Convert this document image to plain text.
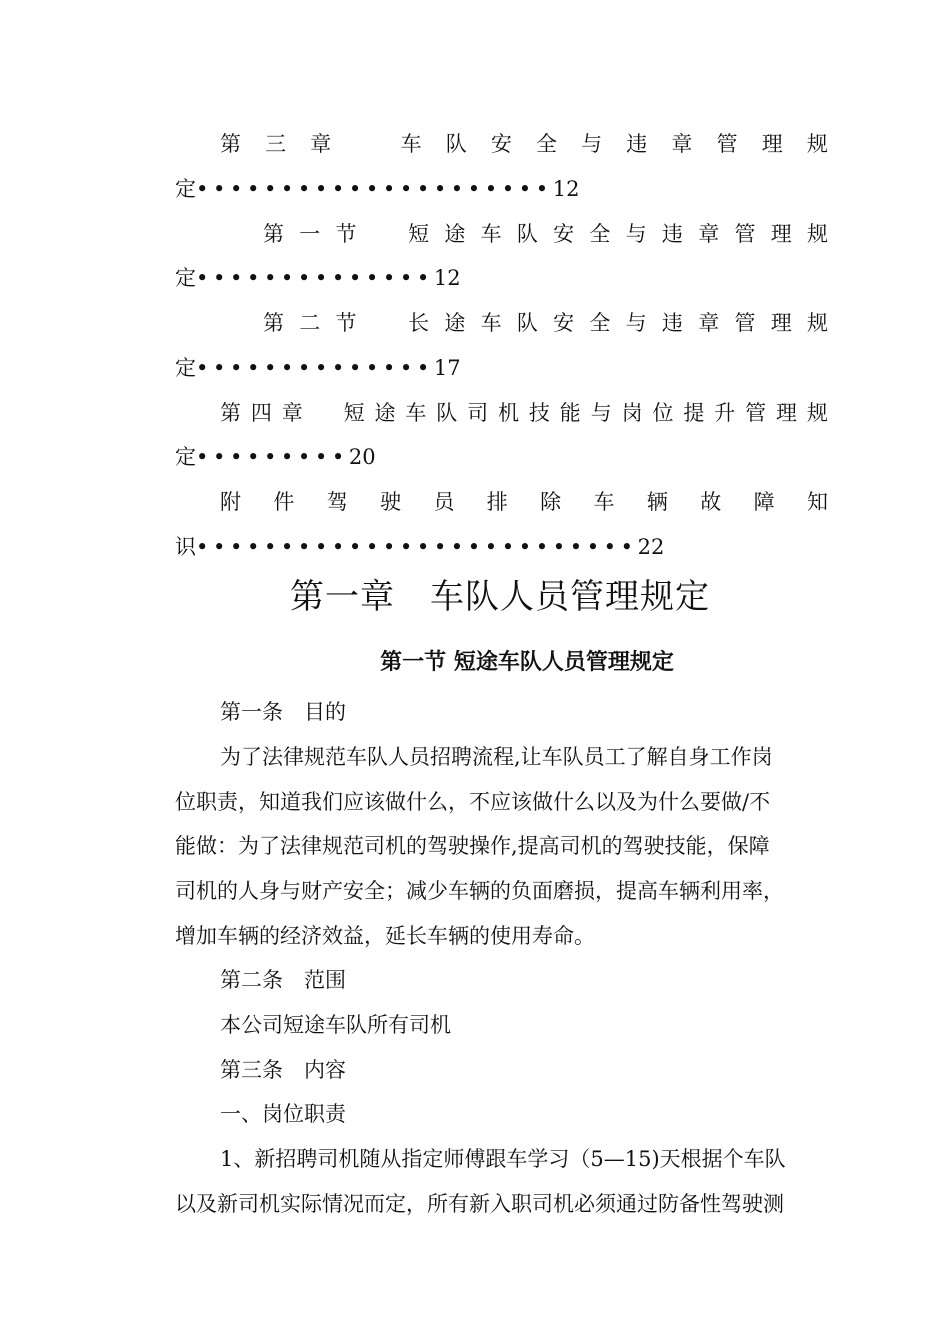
第 三 章
　	车 队 安 全 与 违 章 管 理 规
定•••••••••••••••••••••12
第 一 节
　 短 途 车 队 安 全 与 违 章 管 理 规
定••••••••••••••12
第 二 节
　 长 途 车 队 安 全 与 违 章 管 理 规
定••••••••••••••17
第 四 章
　 短 途 车 队 司 机 技 能 与 岗 位 提 升 管 理 规
定•••••••••20
附 件 驾 驶 员 排 除 车 辆 故 障 知
识••••••••••••••••••••••••••22
第一章　车队人员管理规定
第一节 短途车队人员管理规定
第一条　目的
为了法律规范车队人员招聘流程,让车队员工了解自身工作岗
位职责，知道我们应该做什么，不应该做什么以及为什么要做/不
能做：为了法律规范司机的驾驶操作,提高司机的驾驶技能，保障
司机的人身与财产安全；减少车辆的负面磨损，提高车辆利用率，
增加车辆的经济效益，延长车辆的使用寿命。
第二条　范围
本公司短途车队所有司机
第三条　内容
一、岗位职责
1、新招聘司机随从指定师傅跟车学习（5—15)天根据个车队
以及新司机实际情况而定，所有新入职司机必须通过防备性驾驶测
